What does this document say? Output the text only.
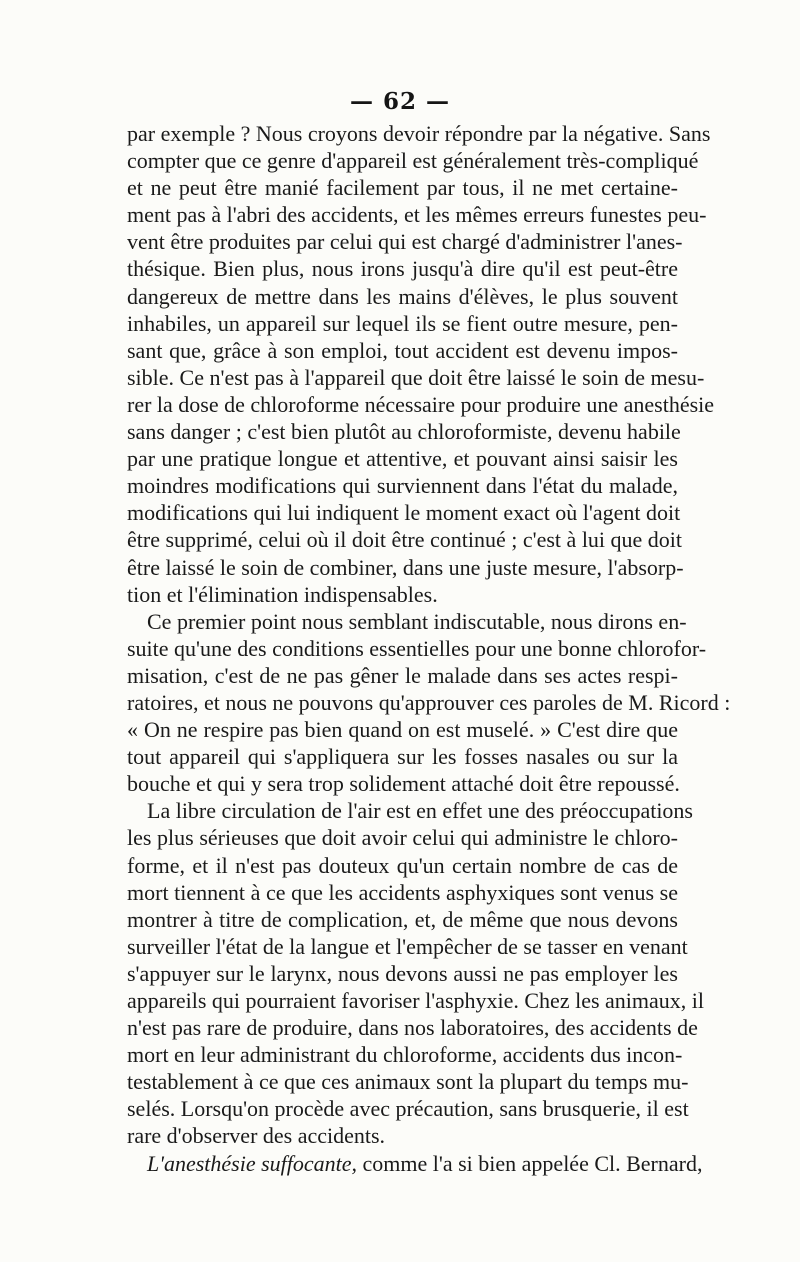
— 62 —
par exemple ? Nous croyons devoir répondre par la négative. Sans
compter que ce genre d'appareil est généralement très-compliqué
et ne peut être manié facilement par tous, il ne met certaine-
ment pas à l'abri des accidents, et les mêmes erreurs funestes peu-
vent être produites par celui qui est chargé d'administrer l'anes-
thésique. Bien plus, nous irons jusqu'à dire qu'il est peut-être
dangereux de mettre dans les mains d'élèves, le plus souvent
inhabiles, un appareil sur lequel ils se fient outre mesure, pen-
sant que, grâce à son emploi, tout accident est devenu impos-
sible. Ce n'est pas à l'appareil que doit être laissé le soin de mesu-
rer la dose de chloroforme nécessaire pour produire une anesthésie
sans danger ; c'est bien plutôt au chloroformiste, devenu habile
par une pratique longue et attentive, et pouvant ainsi saisir les
moindres modifications qui surviennent dans l'état du malade,
modifications qui lui indiquent le moment exact où l'agent doit
être supprimé, celui où il doit être continué ; c'est à lui que doit
être laissé le soin de combiner, dans une juste mesure, l'absorp-
tion et l'élimination indispensables.
Ce premier point nous semblant indiscutable, nous dirons en-
suite qu'une des conditions essentielles pour une bonne chlorofor-
misation, c'est de ne pas gêner le malade dans ses actes respi-
ratoires, et nous ne pouvons qu'approuver ces paroles de M. Ricord :
« On ne respire pas bien quand on est muselé. » C'est dire que
tout appareil qui s'appliquera sur les fosses nasales ou sur la
bouche et qui y sera trop solidement attaché doit être repoussé.
La libre circulation de l'air est en effet une des préoccupations
les plus sérieuses que doit avoir celui qui administre le chloro-
forme, et il n'est pas douteux qu'un certain nombre de cas de
mort tiennent à ce que les accidents asphyxiques sont venus se
montrer à titre de complication, et, de même que nous devons
surveiller l'état de la langue et l'empêcher de se tasser en venant
s'appuyer sur le larynx, nous devons aussi ne pas employer les
appareils qui pourraient favoriser l'asphyxie. Chez les animaux, il
n'est pas rare de produire, dans nos laboratoires, des accidents de
mort en leur administrant du chloroforme, accidents dus incon-
testablement à ce que ces animaux sont la plupart du temps mu-
selés. Lorsqu'on procède avec précaution, sans brusquerie, il est
rare d'observer des accidents.
L'anesthésie suffocante, comme l'a si bien appelée Cl. Bernard,
